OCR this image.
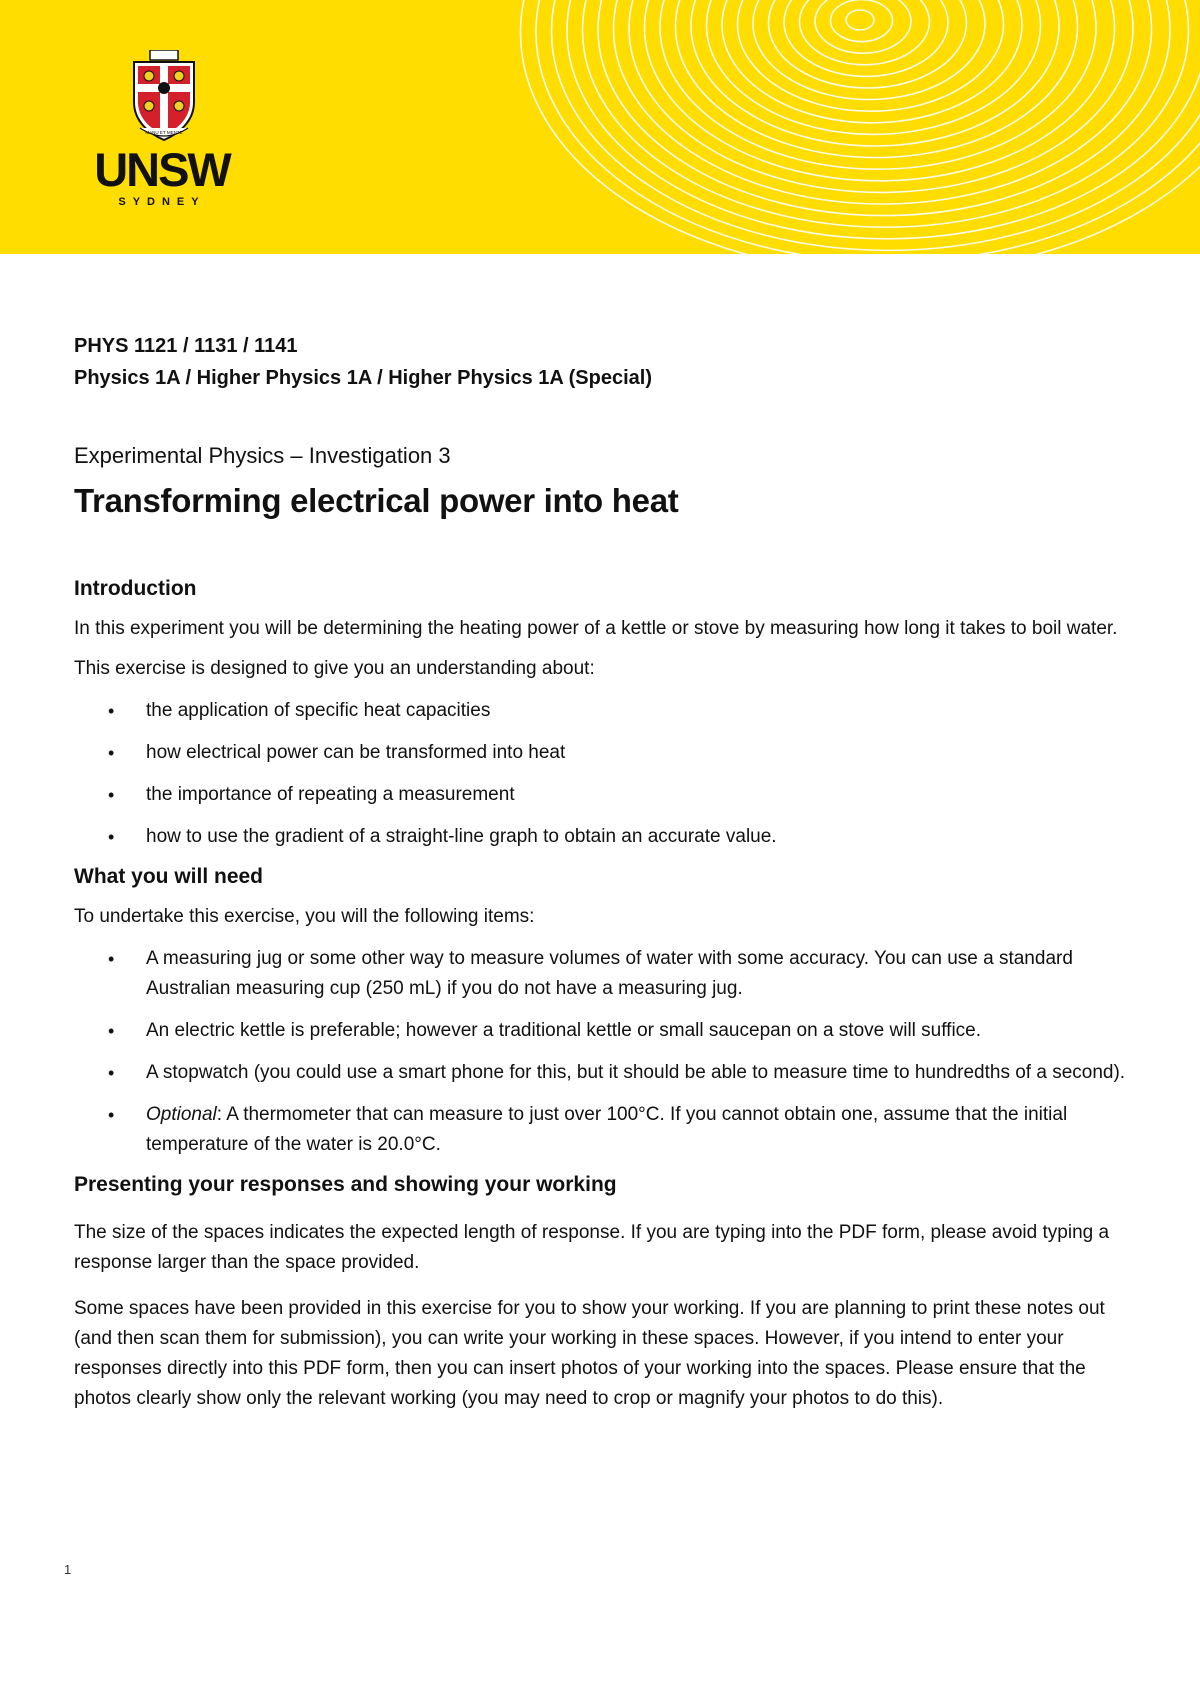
MANU ET MENTE
UNSW
SYDNEY

PHYS 1121 / 1131 / 1141

Physics 1A / Higher Physics 1A / Higher Physics 1A (Special)

Experimental Physics – Investigation 3

Transforming electrical power into heat
Introduction

In this experiment you will be determining the heating power of a kettle or stove by measuring how long it takes to boil water.

This exercise is designed to give you an understanding about:

• the application of specific heat capacities
• how electrical power can be transformed into heat
• the importance of repeating a measurement
• how to use the gradient of a straight-line graph to obtain an accurate value.
What you will need

To undertake this exercise, you will the following items:

• A measuring jug or some other way to measure volumes of water with some accuracy. You can use a standard Australian measuring cup (250 mL) if you do not have a measuring jug.
• An electric kettle is preferable; however a traditional kettle or small saucepan on a stove will suffice.
• A stopwatch (you could use a smart phone for this, but it should be able to measure time to hundredths of a second).
• Optional: A thermometer that can measure to just over 100°C. If you cannot obtain one, assume that the initial temperature of the water is 20.0°C.
Presenting your responses and showing your working

The size of the spaces indicates the expected length of response. If you are typing into the PDF form, please avoid typing a response larger than the space provided.

Some spaces have been provided in this exercise for you to show your working. If you are planning to print these notes out (and then scan them for submission), you can write your working in these spaces. However, if you intend to enter your responses directly into this PDF form, then you can insert photos of your working into the spaces. Please ensure that the photos clearly show only the relevant working (you may need to crop or magnify your photos to do this).

1
